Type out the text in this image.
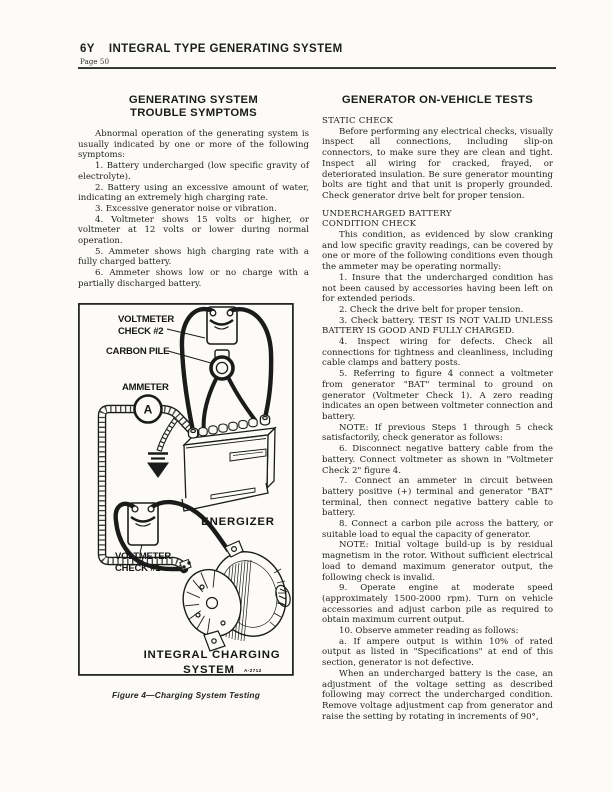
6Y INTEGRAL TYPE GENERATING SYSTEM
Page 50
GENERATING SYSTEM
TROUBLE SYMPTOMS

Abnormal operation of the generating system is usually indicated by one or more of the following symptoms:

1. Battery undercharged (low specific gravity of electrolyte).

2. Battery using an excessive amount of water, indicating an extremely high charging rate.

3. Excessive generator noise or vibration.

4. Voltmeter shows 15 volts or higher, or voltmeter at 12 volts or lower during normal operation.

5. Ammeter shows high charging rate with a fully charged battery.

6. Ammeter shows low or no charge with a partially discharged battery.

GENERATOR ON-VEHICLE TESTS

STATIC CHECK

Before performing any electrical checks, visually inspect all connections, including slip-on connectors, to make sure they are clean and tight. Inspect all wiring for cracked, frayed, or deteriorated insulation. Be sure generator mounting bolts are tight and that unit is properly grounded. Check generator drive belt for proper tension.

UNDERCHARGED BATTERY

CONDITION CHECK

This condition, as evidenced by slow cranking and low specific gravity readings, can be covered by one or more of the following conditions even though the ammeter may be operating normally:

1. Insure that the undercharged condition has not been caused by accessories having been left on for extended periods.

2. Check the drive belt for proper tension.

3. Check battery. TEST IS NOT VALID UNLESS BATTERY IS GOOD AND FULLY CHARGED.

4. Inspect wiring for defects. Check all connections for tightness and cleanliness, including cable clamps and battery posts.

5. Referring to figure 4 connect a voltmeter from generator "BAT" terminal to ground on generator (Voltmeter Check 1). A zero reading indicates an open between voltmeter connection and battery.

NOTE: If previous Steps 1 through 5 check satisfactorily, check generator as follows:

6. Disconnect negative battery cable from the battery. Connect voltmeter as shown in "Voltmeter Check 2" figure 4.

7. Connect an ammeter in circuit between battery positive (+) terminal and generator "BAT" terminal, then connect negative battery cable to battery.

8. Connect a carbon pile across the battery, or suitable load to equal the capacity of generator.

NOTE: Initial voltage build-up is by residual magnetism in the rotor. Without sufficient electrical load to demand maximum generator output, the following check is invalid.

9. Operate engine at moderate speed (approximately 1500-2000 rpm). Turn on vehicle accessories and adjust carbon pile as required to obtain maximum current output.

10. Observe ammeter reading as follows:

a. If ampere output is within 10% of rated output as listed in "Specifications" at end of this section, generator is not defective.

When an undercharged battery is the case, an adjustment of the voltage setting as described following may correct the undercharged condition. Remove voltage adjustment cap from generator and raise the setting by rotating in increments of 90°,

VOLTMETER
CHECK #2
CARBON PILE
AMMETER
A
VOLTMETER
CHECK #1
ENERGIZER
INTEGRAL CHARGING
SYSTEM A-2712
Figure 4—Charging System Testing
